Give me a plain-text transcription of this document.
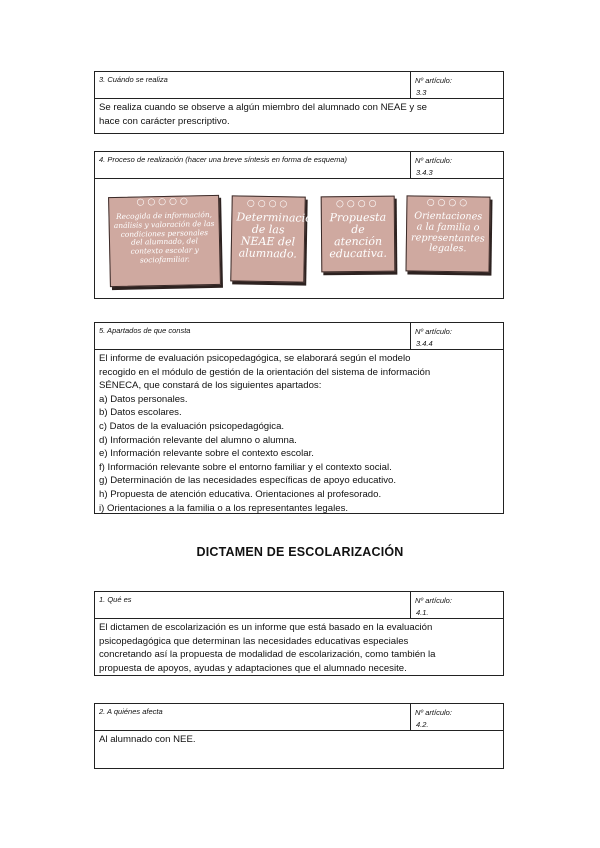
3. Cuándo se realiza	Nº artículo:
3.3
Se realiza cuando se observe a algún miembro del alumnado con NEAE y se
hace con carácter prescriptivo.
4. Proceso de realización (hacer una breve síntesis en forma de esquema)	Nº artículo:
3.4.3
○○○○○
Recogida de información, análisis y valoración de las condiciones personales del alumnado, del contexto escolar y sociofamiliar.
○○○○
Determinación de las NEAE del alumnado.
○○○○
Propuesta de atención educativa.
○○○○
Orientaciones a la familia o representantes legales.
5. Apartados de que consta	Nº artículo:
3.4.4
El informe de evaluación psicopedagógica, se elaborará según el modelo
recogido en el módulo de gestión de la orientación del sistema de información
SÉNECA, que constará de los siguientes apartados:
a) Datos personales.
b) Datos escolares.
c) Datos de la evaluación psicopedagógica.
d) Información relevante del alumno o alumna.
e) Información relevante sobre el contexto escolar.
f) Información relevante sobre el entorno familiar y el contexto social.
g) Determinación de las necesidades específicas de apoyo educativo.
h) Propuesta de atención educativa. Orientaciones al profesorado.
i) Orientaciones a la familia o a los representantes legales.
DICTAMEN DE ESCOLARIZACIÓN
1. Qué es	Nº artículo:
4.1.
El dictamen de escolarización es un informe que está basado en la evaluación
psicopedagógica que determinan las necesidades educativas especiales
concretando así la propuesta de modalidad de escolarización, como también la
propuesta de apoyos, ayudas y adaptaciones que el alumnado necesite.
2. A quiénes afecta	Nº artículo:
4.2.
Al alumnado con NEE.
